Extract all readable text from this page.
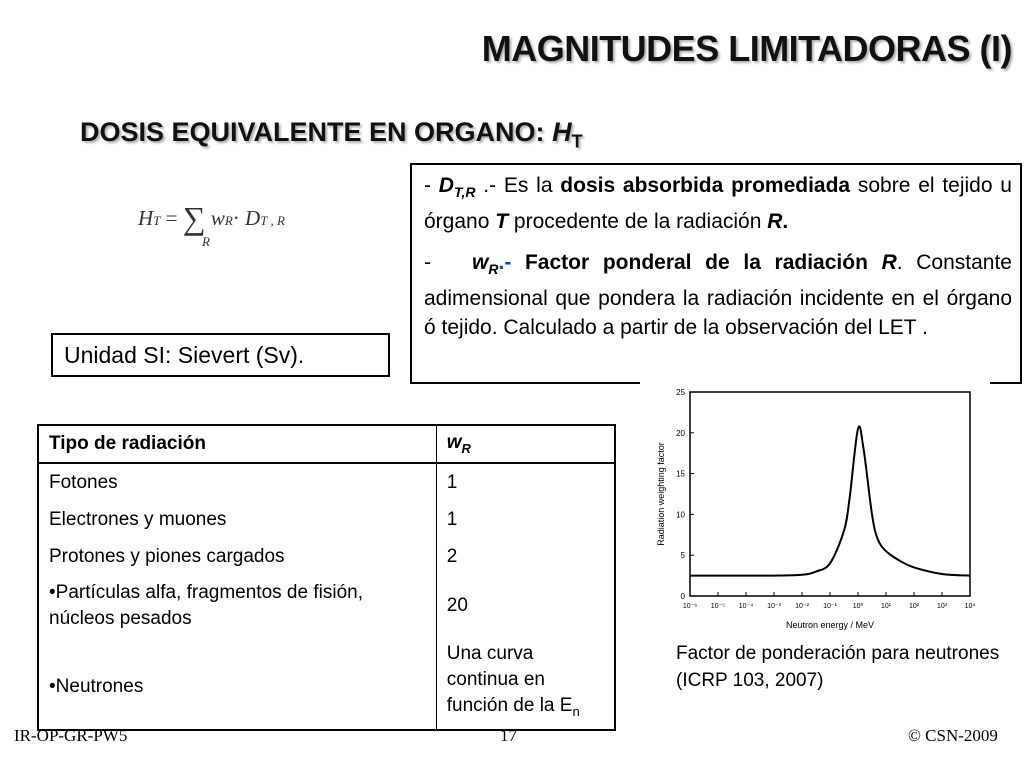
MAGNITUDES LIMITADORAS (I)
DOSIS EQUIVALENTE EN ORGANO: $H_T$
HT = ∑ wR· DT , R
R

- $D_{T,R}$ .- Es la dosis absorbida promediada sobre el tejido u órgano T procedente de la radiación R.

- $w_R.-$ Factor ponderal de la radiación R. Constante adimensional que pondera la radiación incidente en el órgano ó tejido. Calculado a partir de la observación del LET .

Unidad SI: Sievert (Sv).
Tipo de radiación	$w_R$
Fotones	1
Electrones y muones	1
Protones y piones cargados	2
•Partículas alfa, fragmentos de fisión, núcleos pesados	20
•Neutrones	Una curva continua en función de la $E_n$
0
5
10
15
20
25
10⁻⁶ 10⁻⁵ 10⁻⁴ 10⁻³ 10⁻² 10⁻¹ 10⁰	10¹	10²	10³	10⁴
Radiation weighting factor
Neutron energy / MeV
Factor de ponderación para neutrones (ICRP 103, 2007)
IR-OP-GR-PW5	17	© CSN-2009
